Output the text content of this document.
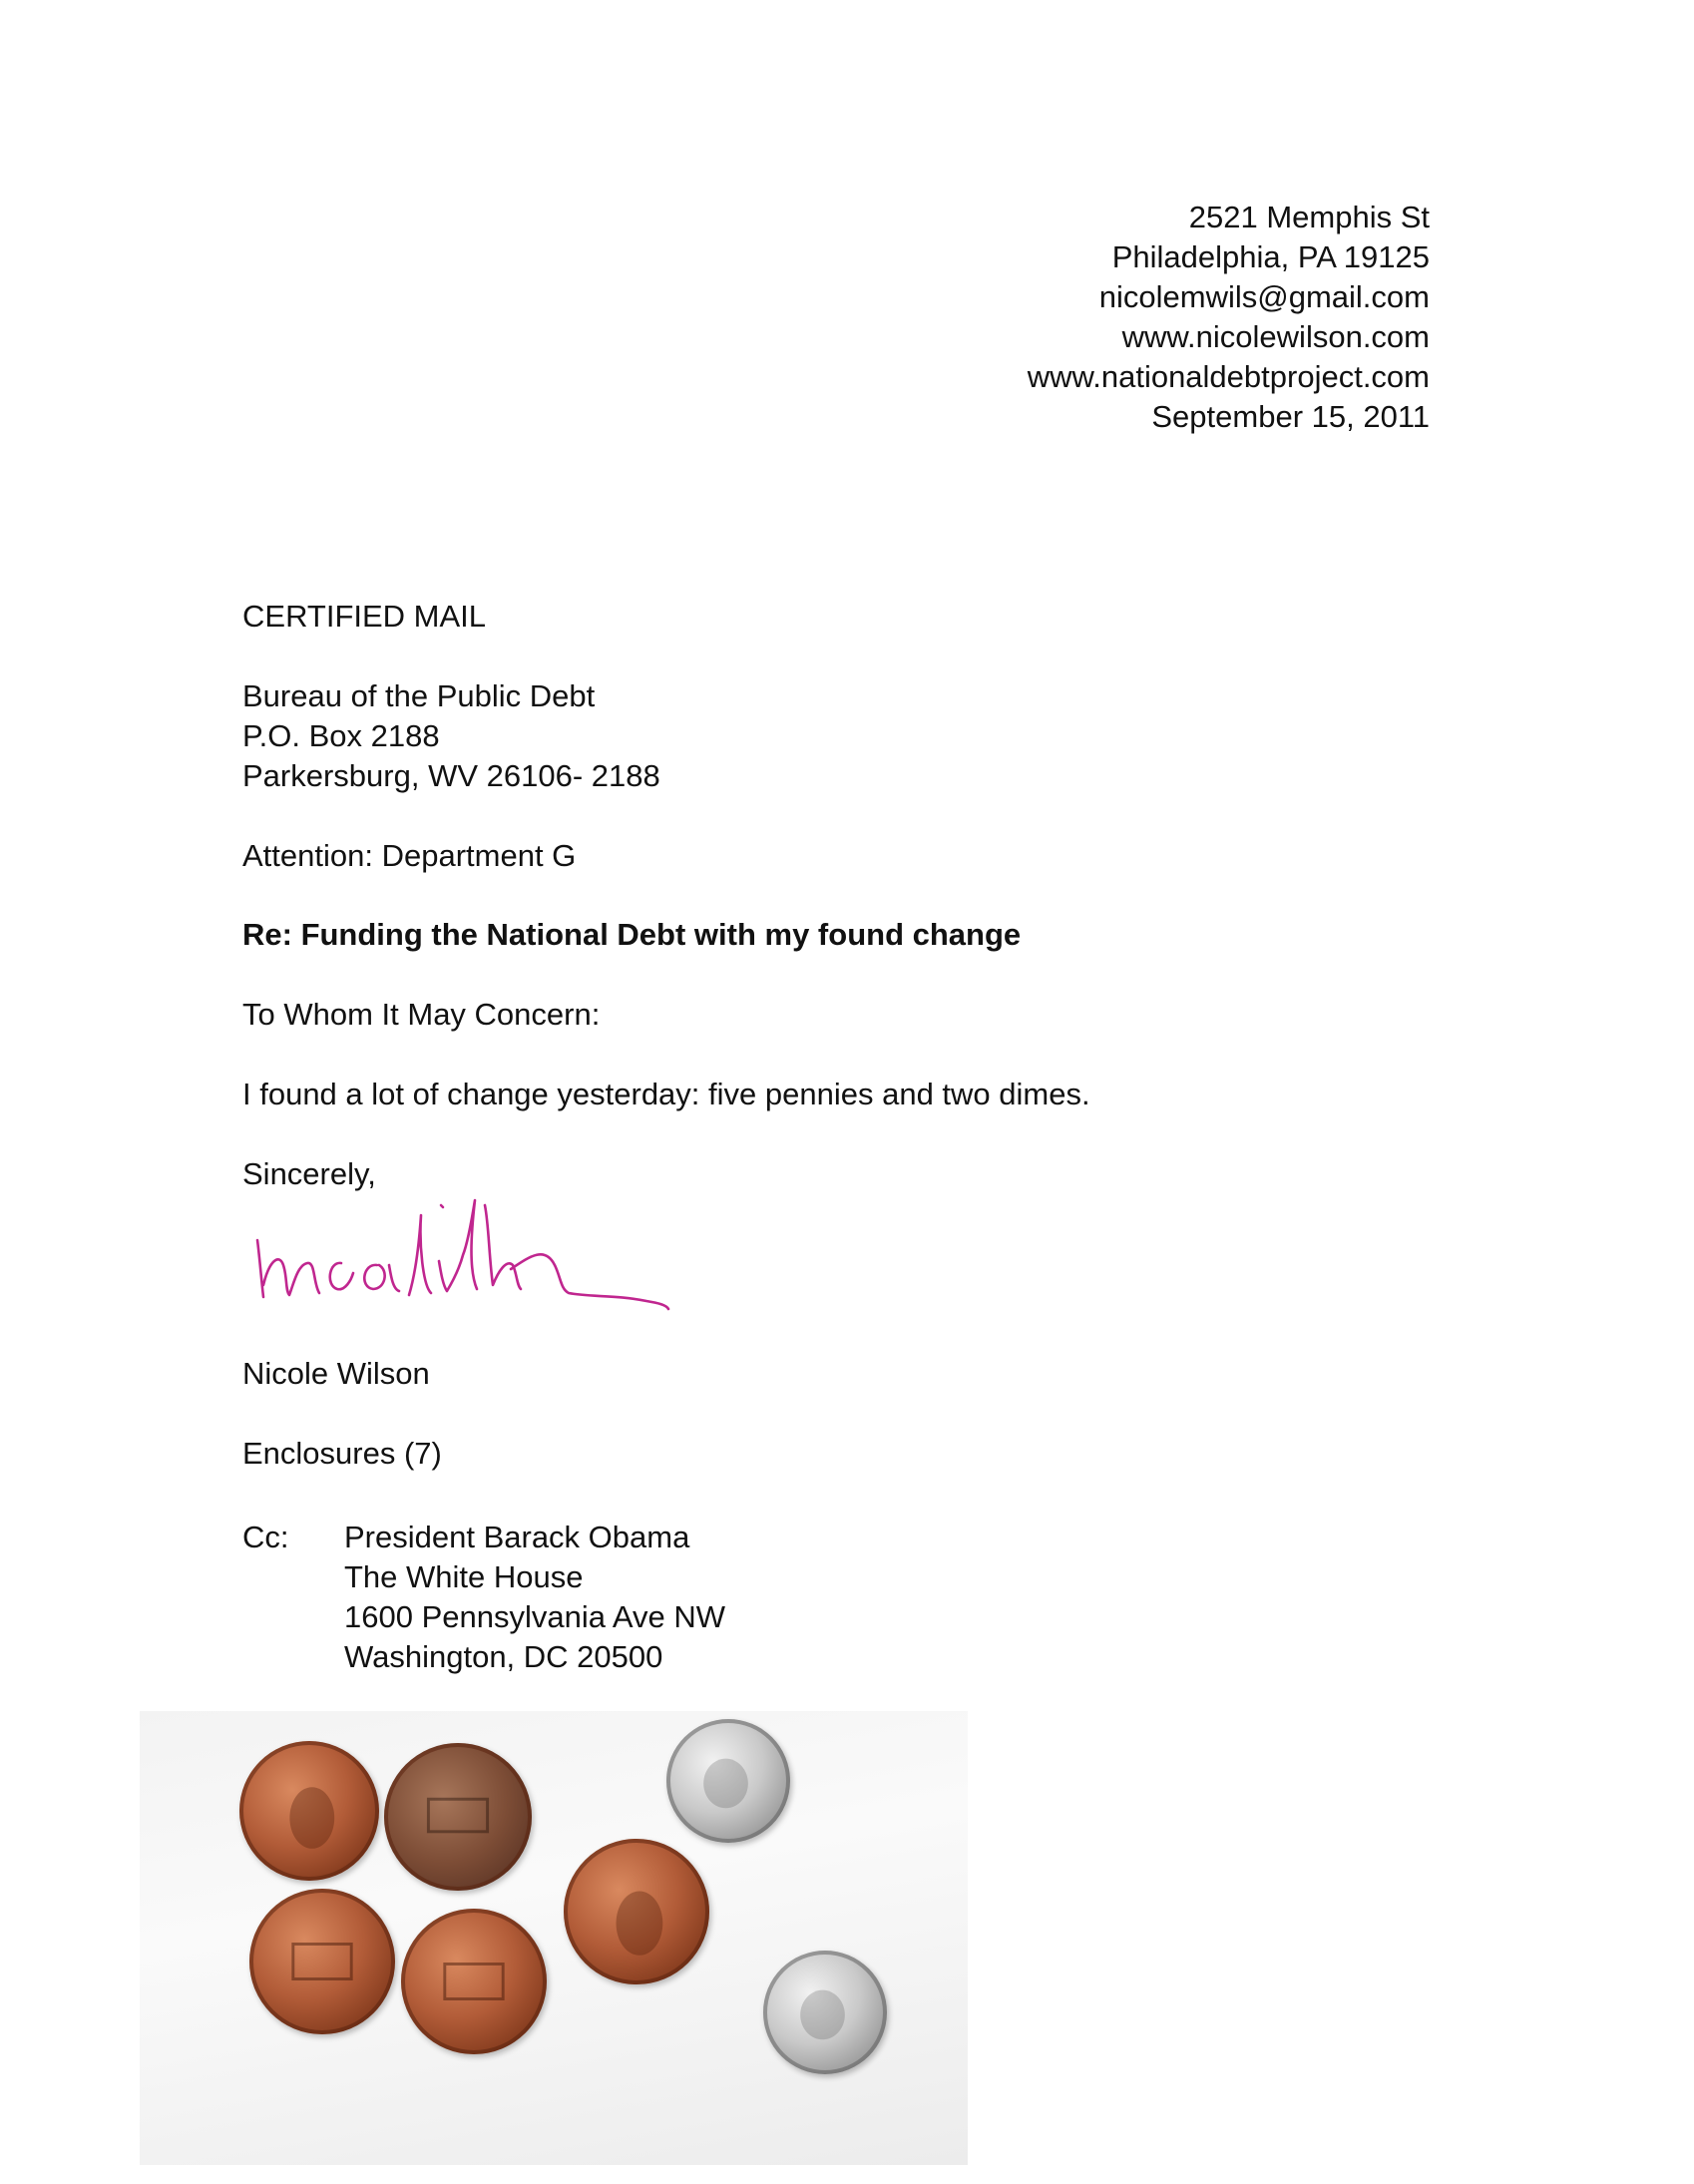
2521 Memphis St
Philadelphia, PA 19125
nicolemwils@gmail.com
www.nicolewilson.com
www.nationaldebtproject.com
September 15, 2011
CERTIFIED MAIL
Bureau of the Public Debt
P.O. Box 2188
Parkersburg, WV 26106- 2188
Attention: Department G
Re: Funding the National Debt with my found change
To Whom It May Concern:
I found a lot of change yesterday: five pennies and two dimes.
Sincerely,
Nicole Wilson
Enclosures (7)
Cc: President Barack Obama
The White House
1600 Pennsylvania Ave NW
Washington, DC 20500
